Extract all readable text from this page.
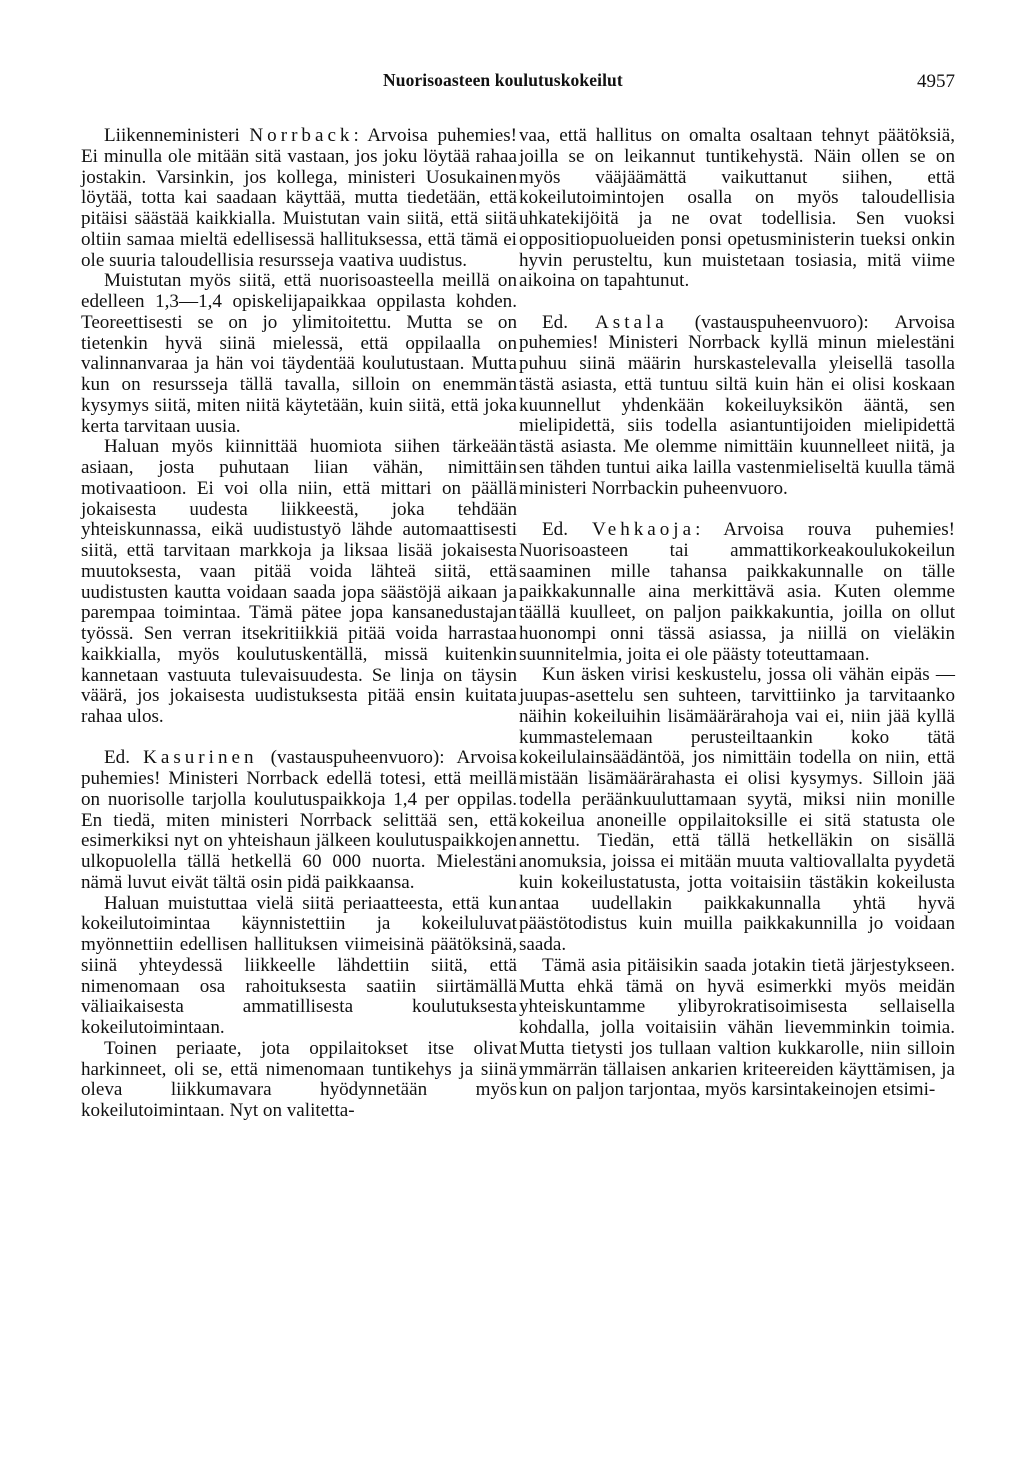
Nuorisoasteen koulutuskokeilut	4957

Liikenneministeri Norrback: Arvoisa puhemies! Ei minulla ole mitään sitä vastaan, jos joku löytää rahaa jostakin. Varsinkin, jos kollega, ministeri Uosukainen löytää, totta kai saadaan käyttää, mutta tiedetään, että pitäisi säästää kaikkialla. Muistutan vain siitä, että siitä oltiin samaa mieltä edellisessä hallituksessa, että tämä ei ole suuria taloudellisia resursseja vaativa uudistus.

Muistutan myös siitä, että nuorisoasteella meillä on edelleen 1,3—1,4 opiskelijapaikkaa oppilasta kohden. Teoreettisesti se on jo ylimitoitettu. Mutta se on tietenkin hyvä siinä mielessä, että oppilaalla on valinnanvaraa ja hän voi täydentää koulutustaan. Mutta kun on resursseja tällä tavalla, silloin on enemmän kysymys siitä, miten niitä käytetään, kuin siitä, että joka kerta tarvitaan uusia.

Haluan myös kiinnittää huomiota siihen tärkeään asiaan, josta puhutaan liian vähän, nimittäin motivaatioon. Ei voi olla niin, että mittari on päällä jokaisesta uudesta liikkeestä, joka tehdään yhteiskunnassa, eikä uudistustyö lähde automaattisesti siitä, että tarvitaan markkoja ja liksaa lisää jokaisesta muutoksesta, vaan pitää voida lähteä siitä, että uudistusten kautta voidaan saada jopa säästöjä aikaan ja parempaa toimintaa. Tämä pätee jopa kansanedustajan työssä. Sen verran itsekritiikkiä pitää voida harrastaa kaikkialla, myös koulutuskentällä, missä kuitenkin kannetaan vastuuta tulevaisuudesta. Se linja on täysin väärä, jos jokaisesta uudistuksesta pitää ensin kuitata rahaa ulos.

Ed. Kasurinen (vastauspuheenvuoro): Arvoisa puhemies! Ministeri Norrback edellä totesi, että meillä on nuorisolle tarjolla koulutuspaikkoja 1,4 per oppilas. En tiedä, miten ministeri Norrback selittää sen, että esimerkiksi nyt on yhteishaun jälkeen koulutuspaikkojen ulkopuolella tällä hetkellä 60 000 nuorta. Mielestäni nämä luvut eivät tältä osin pidä paikkaansa.

Haluan muistuttaa vielä siitä periaatteesta, että kun kokeilutoimintaa käynnistettiin ja kokeiluluvat myönnettiin edellisen hallituksen viimeisinä päätöksinä, siinä yhteydessä liikkeelle lähdettiin siitä, että nimenomaan osa rahoituksesta saatiin siirtämällä väliaikaisesta ammatillisesta koulutuksesta kokeilutoimintaan.

Toinen periaate, jota oppilaitokset itse olivat harkinneet, oli se, että nimenomaan tuntikehys ja siinä oleva liikkumavara hyödynnetään myös kokeilutoimintaan. Nyt on valitetta-

vaa, että hallitus on omalta osaltaan tehnyt päätöksiä, joilla se on leikannut tuntikehystä. Näin ollen se on myös vääjäämättä vaikuttanut siihen, että kokeilutoimintojen osalla on myös taloudellisia uhkatekijöitä ja ne ovat todellisia. Sen vuoksi oppositiopuolueiden ponsi opetusministerin tueksi onkin hyvin perusteltu, kun muistetaan tosiasia, mitä viime aikoina on tapahtunut.

Ed. Astala (vastauspuheenvuoro): Arvoisa puhemies! Ministeri Norrback kyllä minun mielestäni puhuu siinä määrin hurskastelevalla yleisellä tasolla tästä asiasta, että tuntuu siltä kuin hän ei olisi koskaan kuunnellut yhdenkään kokeiluyksikön ääntä, sen mielipidettä, siis todella asiantuntijoiden mielipidettä tästä asiasta. Me olemme nimittäin kuunnelleet niitä, ja sen tähden tuntui aika lailla vastenmieliseltä kuulla tämä ministeri Norrbackin puheenvuoro.

Ed. Vehkaoja: Arvoisa rouva puhemies! Nuorisoasteen tai ammattikorkeakoulukokeilun saaminen mille tahansa paikkakunnalle on tälle paikkakunnalle aina merkittävä asia. Kuten olemme täällä kuulleet, on paljon paikkakuntia, joilla on ollut huonompi onni tässä asiassa, ja niillä on vieläkin suunnitelmia, joita ei ole päästy toteuttamaan.

Kun äsken virisi keskustelu, jossa oli vähän eipäs — juupas-asettelu sen suhteen, tarvittiinko ja tarvitaanko näihin kokeiluihin lisämäärärahoja vai ei, niin jää kyllä kummastelemaan perusteiltaankin koko tätä kokeilulainsäädäntöä, jos nimittäin todella on niin, että mistään lisämäärärahasta ei olisi kysymys. Silloin jää todella peräänkuuluttamaan syytä, miksi niin monille kokeilua anoneille oppilaitoksille ei sitä statusta ole annettu. Tiedän, että tällä hetkelläkin on sisällä anomuksia, joissa ei mitään muuta valtiovallalta pyydetä kuin kokeilustatusta, jotta voitaisiin tästäkin kokeilusta antaa uudellakin paikkakunnalla yhtä hyvä päästötodistus kuin muilla paikkakunnilla jo voidaan saada.

Tämä asia pitäisikin saada jotakin tietä järjestykseen. Mutta ehkä tämä on hyvä esimerkki myös meidän yhteiskuntamme ylibyrokratisoimisesta sellaisella kohdalla, jolla voitaisiin vähän lievemminkin toimia. Mutta tietysti jos tullaan valtion kukkarolle, niin silloin ymmärrän tällaisen ankarien kriteereiden käyttämisen, ja kun on paljon tarjontaa, myös karsintakeinojen etsimi-
